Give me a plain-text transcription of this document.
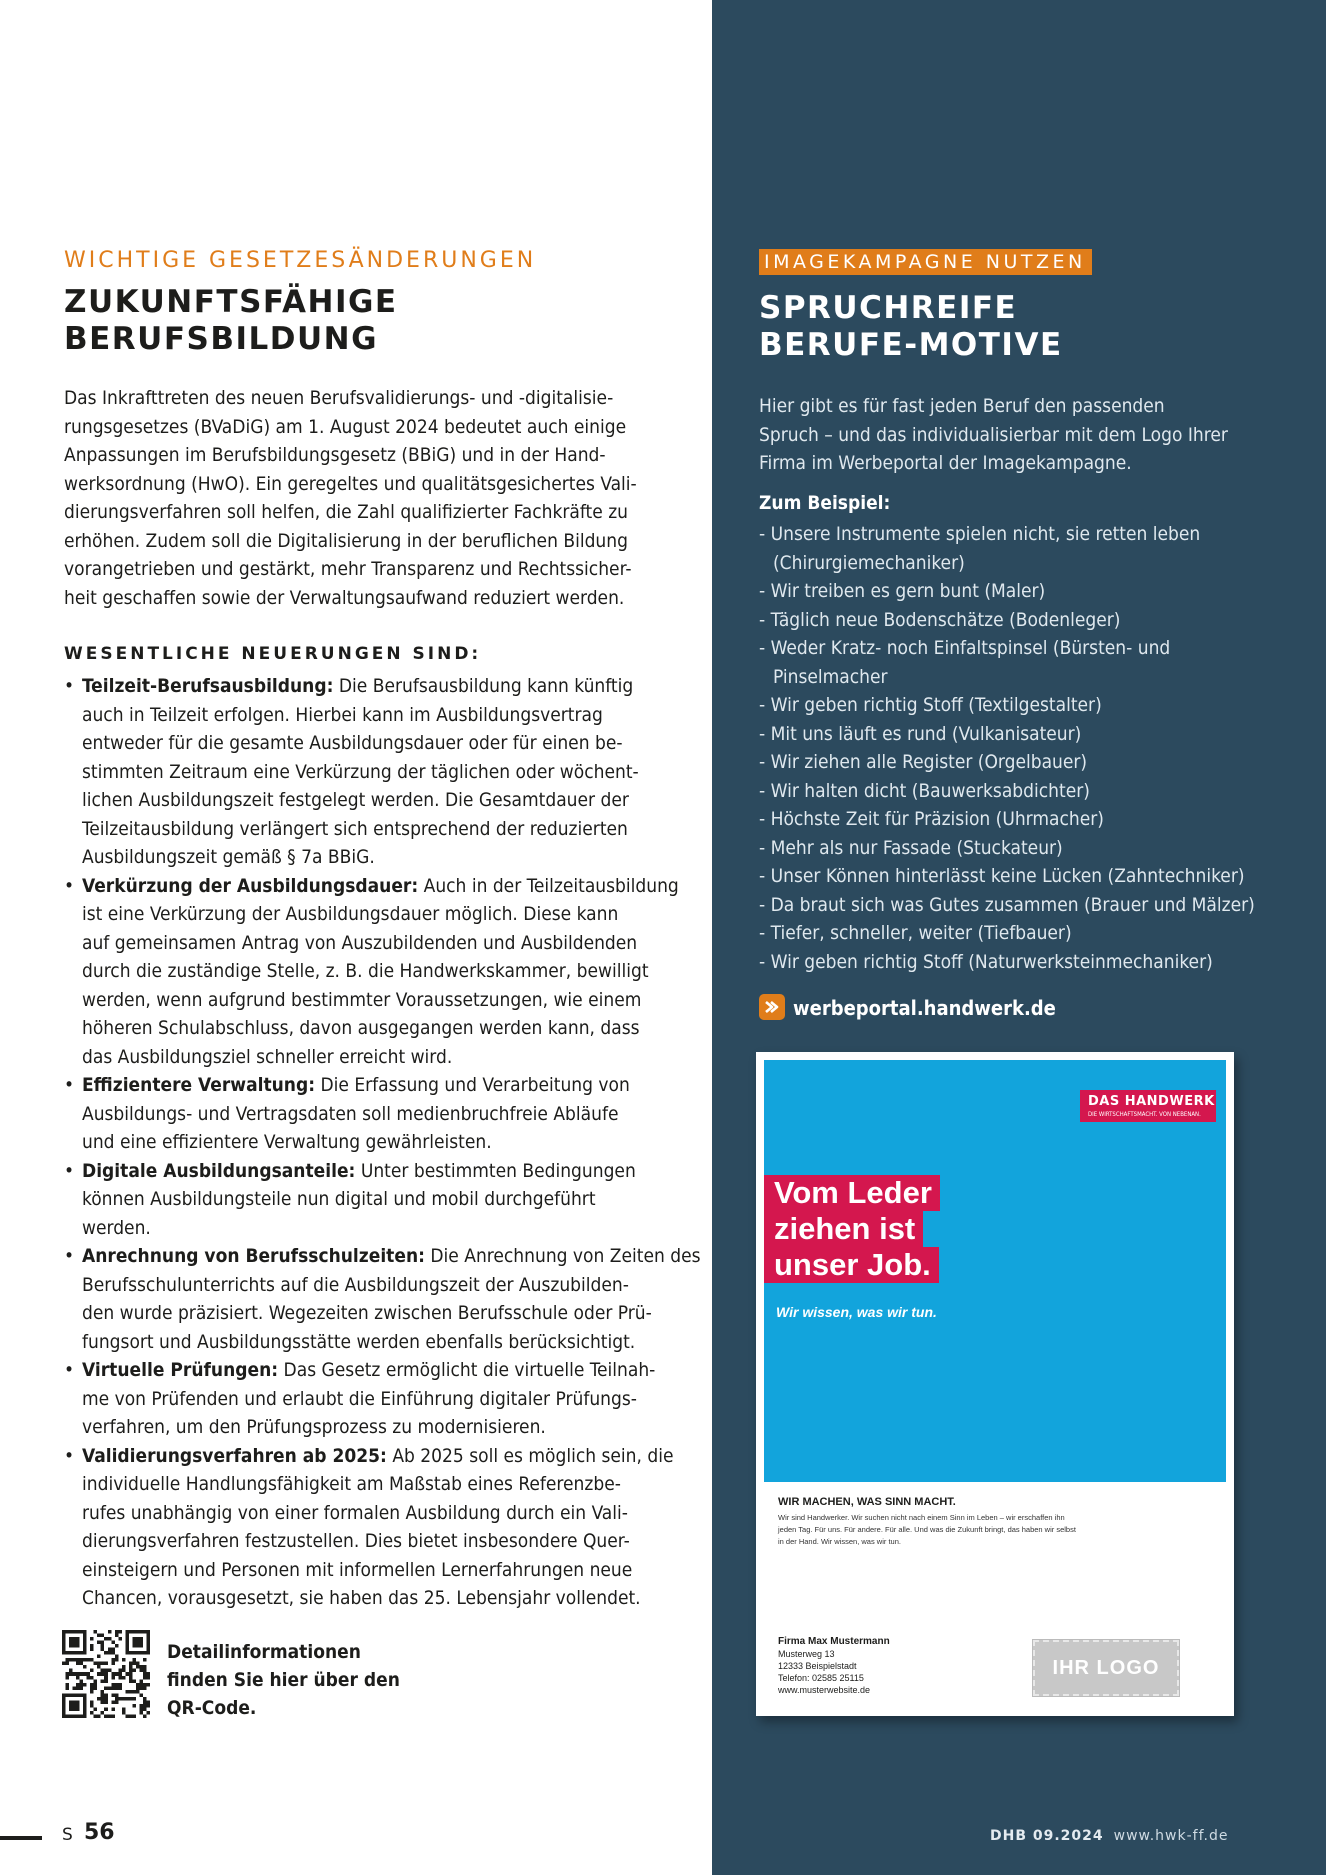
WICHTIGE GESETZESÄNDERUNGEN
ZUKUNFTSFÄHIGE
BERUFSBILDUNG
Das Inkrafttreten des neuen Berufsvalidierungs- und -digitalisie-
rungsgesetzes (BVaDiG) am 1. August 2024 bedeutet auch einige
Anpassungen im Berufsbildungsgesetz (BBiG) und in der Hand-
werksordnung (HwO). Ein geregeltes und qualitätsgesichertes Vali-
dierungsverfahren soll helfen, die Zahl qualifizierter Fachkräfte zu
erhöhen. Zudem soll die Digitalisierung in der beruflichen Bildung
vorangetrieben und gestärkt, mehr Transparenz und Rechtssicher-
heit geschaffen sowie der Verwaltungsaufwand reduziert werden.
WESENTLICHE NEUERUNGEN SIND:
• Teilzeit-Berufsausbildung: Die Berufsausbildung kann künftig
auch in Teilzeit erfolgen. Hierbei kann im Ausbildungsvertrag
entweder für die gesamte Ausbildungsdauer oder für einen be-
stimmten Zeitraum eine Verkürzung der täglichen oder wöchent-
lichen Ausbildungszeit festgelegt werden. Die Gesamtdauer der
Teilzeitausbildung verlängert sich entsprechend der reduzierten
Ausbildungszeit gemäß § 7a BBiG.
• Verkürzung der Ausbildungsdauer: Auch in der Teilzeitausbildung
ist eine Verkürzung der Ausbildungsdauer möglich. Diese kann
auf gemeinsamen Antrag von Auszubildenden und Ausbildenden
durch die zuständige Stelle, z. B. die Handwerkskammer, bewilligt
werden, wenn aufgrund bestimmter Voraussetzungen, wie einem
höheren Schulabschluss, davon ausgegangen werden kann, dass
das Ausbildungsziel schneller erreicht wird.
• Effizientere Verwaltung: Die Erfassung und Verarbeitung von
Ausbildungs- und Vertragsdaten soll medienbruchfreie Abläufe
und eine effizientere Verwaltung gewährleisten.
• Digitale Ausbildungsanteile: Unter bestimmten Bedingungen
können Ausbildungsteile nun digital und mobil durchgeführt
werden.
• Anrechnung von Berufsschulzeiten: Die Anrechnung von Zeiten des
Berufsschulunterrichts auf die Ausbildungszeit der Auszubilden-
den wurde präzisiert. Wegezeiten zwischen Berufsschule oder Prü-
fungsort und Ausbildungsstätte werden ebenfalls berücksichtigt.
• Virtuelle Prüfungen: Das Gesetz ermöglicht die virtuelle Teilnah-
me von Prüfenden und erlaubt die Einführung digitaler Prüfungs-
verfahren, um den Prüfungsprozess zu modernisieren.
• Validierungsverfahren ab 2025: Ab 2025 soll es möglich sein, die
individuelle Handlungsfähigkeit am Maßstab eines Referenzbe-
rufes unabhängig von einer formalen Ausbildung durch ein Vali-
dierungsverfahren festzustellen. Dies bietet insbesondere Quer-
einsteigern und Personen mit informellen Lernerfahrungen neue
Chancen, vorausgesetzt, sie haben das 25. Lebensjahr vollendet.
Detailinformationen
finden Sie hier über den
QR-Code.
S 56
IMAGEKAMPAGNE NUTZEN
SPRUCHREIFE
BERUFE-MOTIVE
Hier gibt es für fast jeden Beruf den passenden
Spruch – und das individualisierbar mit dem Logo Ihrer
Firma im Werbeportal der Imagekampagne.
Zum Beispiel:
- Unsere Instrumente spielen nicht, sie retten leben
(Chirurgiemechaniker)
- Wir treiben es gern bunt (Maler)
- Täglich neue Bodenschätze (Bodenleger)
- Weder Kratz- noch Einfaltspinsel (Bürsten- und
Pinselmacher
- Wir geben richtig Stoff (Textilgestalter)
- Mit uns läuft es rund (Vulkanisateur)
- Wir ziehen alle Register (Orgelbauer)
- Wir halten dicht (Bauwerksabdichter)
- Höchste Zeit für Präzision (Uhrmacher)
- Mehr als nur Fassade (Stuckateur)
- Unser Können hinterlässt keine Lücken (Zahntechniker)
- Da braut sich was Gutes zusammen (Brauer und Mälzer)
- Tiefer, schneller, weiter (Tiefbauer)
- Wir geben richtig Stoff (Naturwerksteinmechaniker)
werbeportal.handwerk.de
DAS HANDWERK
DIE WIRTSCHAFTSMACHT. VON NEBENAN.
Vom Leder
ziehen ist
unser Job.
Wir wissen, was wir tun.
WIR MACHEN, WAS SINN MACHT.
Wir sind Handwerker. Wir suchen nicht nach einem Sinn im Leben – wir erschaffen ihn
jeden Tag. Für uns. Für andere. Für alle. Und was die Zukunft bringt, das haben wir selbst
in der Hand. Wir wissen, was wir tun.
Firma Max Mustermann
Musterweg 13
12333 Beispielstadt
Telefon: 02585 25115
www.musterwebsite.de
IHR LOGO
DHB 09.2024 www.hwk-ff.de
